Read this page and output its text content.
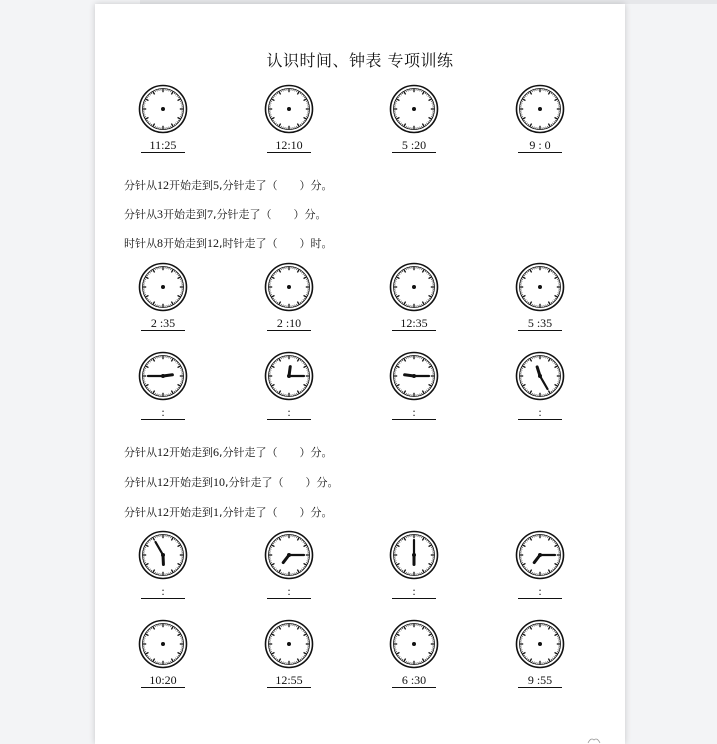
认识时间、钟表 专项训练
分针从12开始走到5,分针走了（　　）分。
分针从3开始走到7,分针走了（　　）分。
时针从8开始走到12,时针走了（　　）时。
分针从12开始走到6,分针走了（　　）分。
分针从12开始走到10,分针走了（　　）分。
分针从12开始走到1,分针走了（　　）分。
11:25	12:10	5 :20	9 : 0
2 :35	2 :10	12:35	5 :35
:	:	:	:
:	:	:	:
10:20	12:55	6 :30	9 :55
